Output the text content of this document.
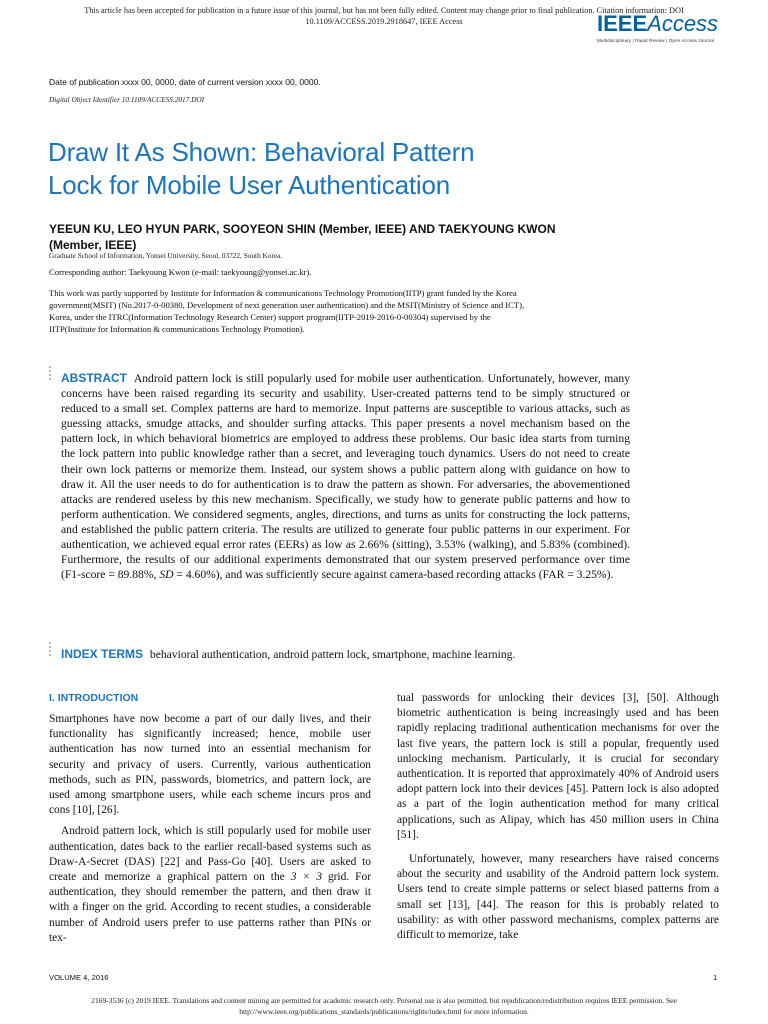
This article has been accepted for publication in a future issue of this journal, but has not been fully edited. Content may change prior to final publication. Citation information: DOI
10.1109/ACCESS.2019.2918647, IEEE Access	IEEEAccess
Multidisciplinary | Rapid Review | Open Access Journal
Date of publication xxxx 00, 0000, date of current version xxxx 00, 0000.
Digital Object Identifier 10.1109/ACCESS.2017.DOI
Draw It As Shown: Behavioral Pattern
Lock for Mobile User Authentication
YEEUN KU, LEO HYUN PARK, SOOYEON SHIN (Member, IEEE) AND TAEKYOUNG KWON
(Member, IEEE)
Graduate School of Information, Yonsei University, Seoul, 03722, South Korea.
Corresponding author: Taekyoung Kwon (e-mail: taekyoung@yonsei.ac.kr).
This work was partly supported by Institute for Information & communications Technology Promotion(IITP) grant funded by the Korea
government(MSIT) (No.2017-0-00380, Development of next generation user authentication) and the MSIT(Ministry of Science and ICT),
Korea, under the ITRC(Information Technology Research Center) support program(IITP-2019-2016-0-00304) supervised by the
IITP(Institute for Information & communications Technology Promotion).
ABSTRACT Android pattern lock is still popularly used for mobile user authentication. Unfortunately, however, many concerns have been raised regarding its security and usability. User-created patterns tend to be simply structured or reduced to a small set. Complex patterns are hard to memorize. Input patterns are susceptible to various attacks, such as guessing attacks, smudge attacks, and shoulder surfing attacks. This paper presents a novel mechanism based on the pattern lock, in which behavioral biometrics are employed to address these problems. Our basic idea starts from turning the lock pattern into public knowledge rather than a secret, and leveraging touch dynamics. Users do not need to create their own lock patterns or memorize them. Instead, our system shows a public pattern along with guidance on how to draw it. All the user needs to do for authentication is to draw the pattern as shown. For adversaries, the abovementioned attacks are rendered useless by this new mechanism. Specifically, we study how to generate public patterns and how to perform authentication. We considered segments, angles, directions, and turns as units for constructing the lock patterns, and established the public pattern criteria. The results are utilized to generate four public patterns in our experiment. For authentication, we achieved equal error rates (EERs) as low as 2.66% (sitting), 3.53% (walking), and 5.83% (combined). Furthermore, the results of our additional experiments demonstrated that our system preserved performance over time (F1-score = 89.88%, SD = 4.60%), and was sufficiently secure against camera-based recording attacks (FAR = 3.25%).
INDEX TERMS behavioral authentication, android pattern lock, smartphone, machine learning.
I. INTRODUCTION

Smartphones have now become a part of our daily lives, and their functionality has significantly increased; hence, mobile user authentication has now turned into an essential mechanism for security and privacy of users. Currently, various authentication methods, such as PIN, passwords, biometrics, and pattern lock, are used among smartphone users, while each scheme incurs pros and cons [10], [26].

Android pattern lock, which is still popularly used for mobile user authentication, dates back to the earlier recall-based systems such as Draw-A-Secret (DAS) [22] and Pass-Go [40]. Users are asked to create and memorize a graphical pattern on the 3 × 3 grid. For authentication, they should remember the pattern, and then draw it with a finger on the grid. According to recent studies, a considerable number of Android users prefer to use patterns rather than PINs or tex-

tual passwords for unlocking their devices [3], [50]. Although biometric authentication is being increasingly used and has been rapidly replacing traditional authentication mechanisms for over the last five years, the pattern lock is still a popular, frequently used unlocking mechanism. Particularly, it is crucial for secondary authentication. It is reported that approximately 40% of Android users adopt pattern lock into their devices [45]. Pattern lock is also adopted as a part of the login authentication method for many critical applications, such as Alipay, which has 450 million users in China [51].

Unfortunately, however, many researchers have raised concerns about the security and usability of the Android pattern lock system. Users tend to create simple patterns or select biased patterns from a small set [13], [44]. The reason for this is probably related to usability: as with other password mechanisms, complex patterns are difficult to memorize, take

VOLUME 4, 2016	1
2169-3536 (c) 2019 IEEE. Translations and content mining are permitted for academic research only. Personal use is also permitted, but republication/redistribution requires IEEE permission. See
http://www.ieee.org/publications_standards/publications/rights/index.html for more information.
